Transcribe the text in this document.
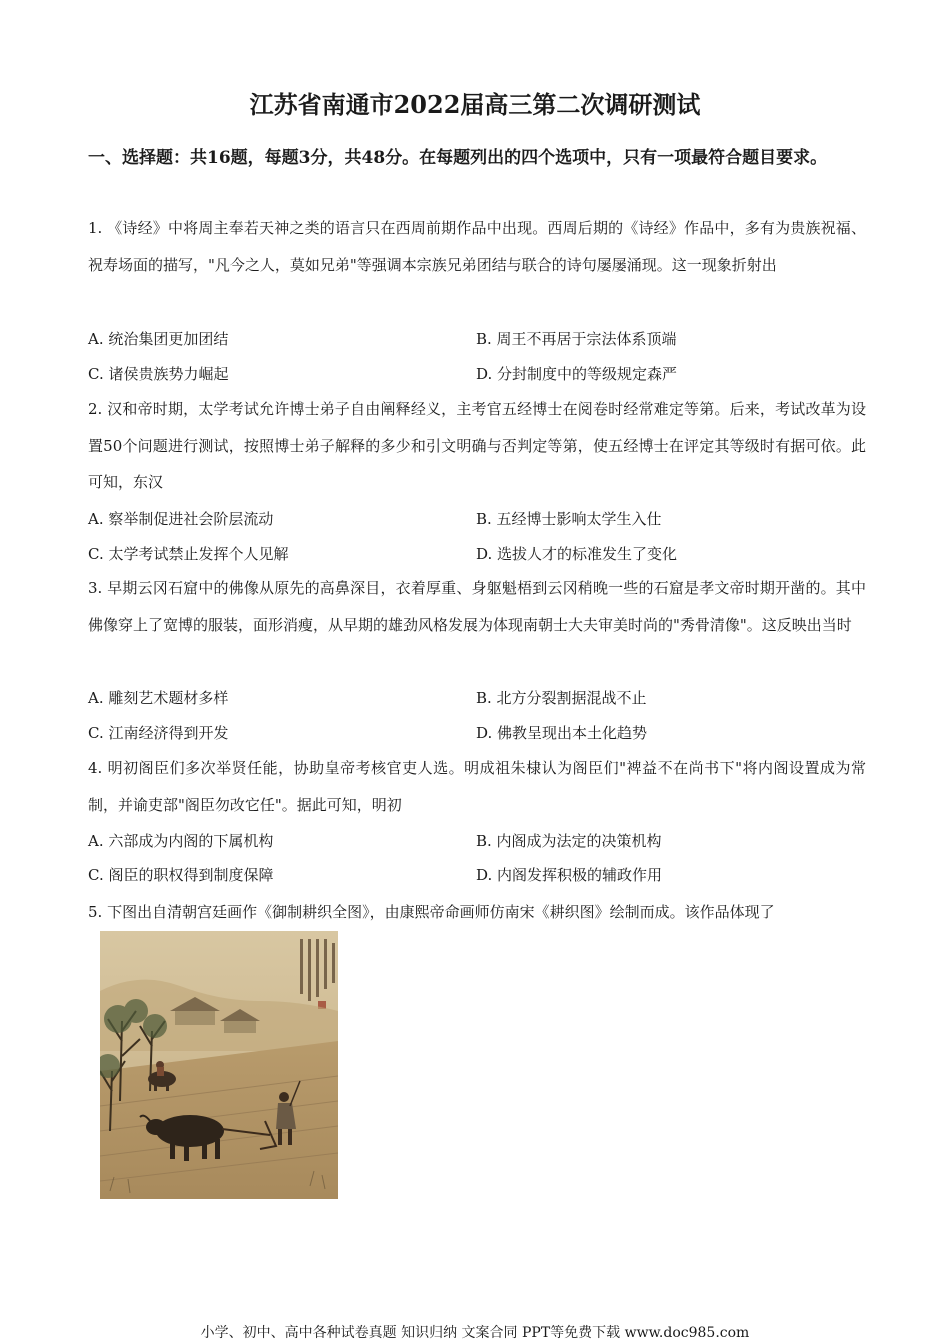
江苏省南通市2022届高三第二次调研测试
一、选择题：共16题，每题3分，共48分。在每题列出的四个选项中，只有一项最符合题目要求。
1. 《诗经》中将周主奉若天神之类的语言只在西周前期作品中出现。西周后期的《诗经》作品中，多有为贵族祝福、祝寿场面的描写，"凡今之人，莫如兄弟"等强调本宗族兄弟团结与联合的诗句屡屡涌现。这一现象折射出
A. 统治集团更加团结	B. 周王不再居于宗法体系顶端
C. 诸侯贵族势力崛起	D. 分封制度中的等级规定森严
2. 汉和帝时期，太学考试允许博士弟子自由阐释经义，主考官五经博士在阅卷时经常难定等第。后来，考试改革为设置50个问题进行测试，按照博士弟子解释的多少和引文明确与否判定等第，使五经博士在评定其等级时有据可依。此可知，东汉
A. 察举制促进社会阶层流动	B. 五经博士影响太学生入仕
C. 太学考试禁止发挥个人见解	D. 选拔人才的标准发生了变化
3. 早期云冈石窟中的佛像从原先的高鼻深目，衣着厚重、身躯魁梧到云冈稍晚一些的石窟是孝文帝时期开凿的。其中佛像穿上了宽博的服装，面形消瘦，从早期的雄劲风格发展为体现南朝士大夫审美时尚的"秀骨清像"。这反映出当时
A. 雕刻艺术题材多样	B. 北方分裂割据混战不止
C. 江南经济得到开发	D. 佛教呈现出本土化趋势
4. 明初阁臣们多次举贤任能，协助皇帝考核官吏人选。明成祖朱棣认为阁臣们"裨益不在尚书下"将内阁设置成为常制，并谕吏部"阁臣勿改它任"。据此可知，明初
A. 六部成为内阁的下属机构	B. 内阁成为法定的决策机构
C. 阁臣的职权得到制度保障	D. 内阁发挥积极的辅政作用
5. 下图出自清朝宫廷画作《御制耕织全图》，由康熙帝命画师仿南宋《耕织图》绘制而成。该作品体现了
小学、初中、高中各种试卷真题 知识归纳 文案合同 PPT等免费下载 www.doc985.com
